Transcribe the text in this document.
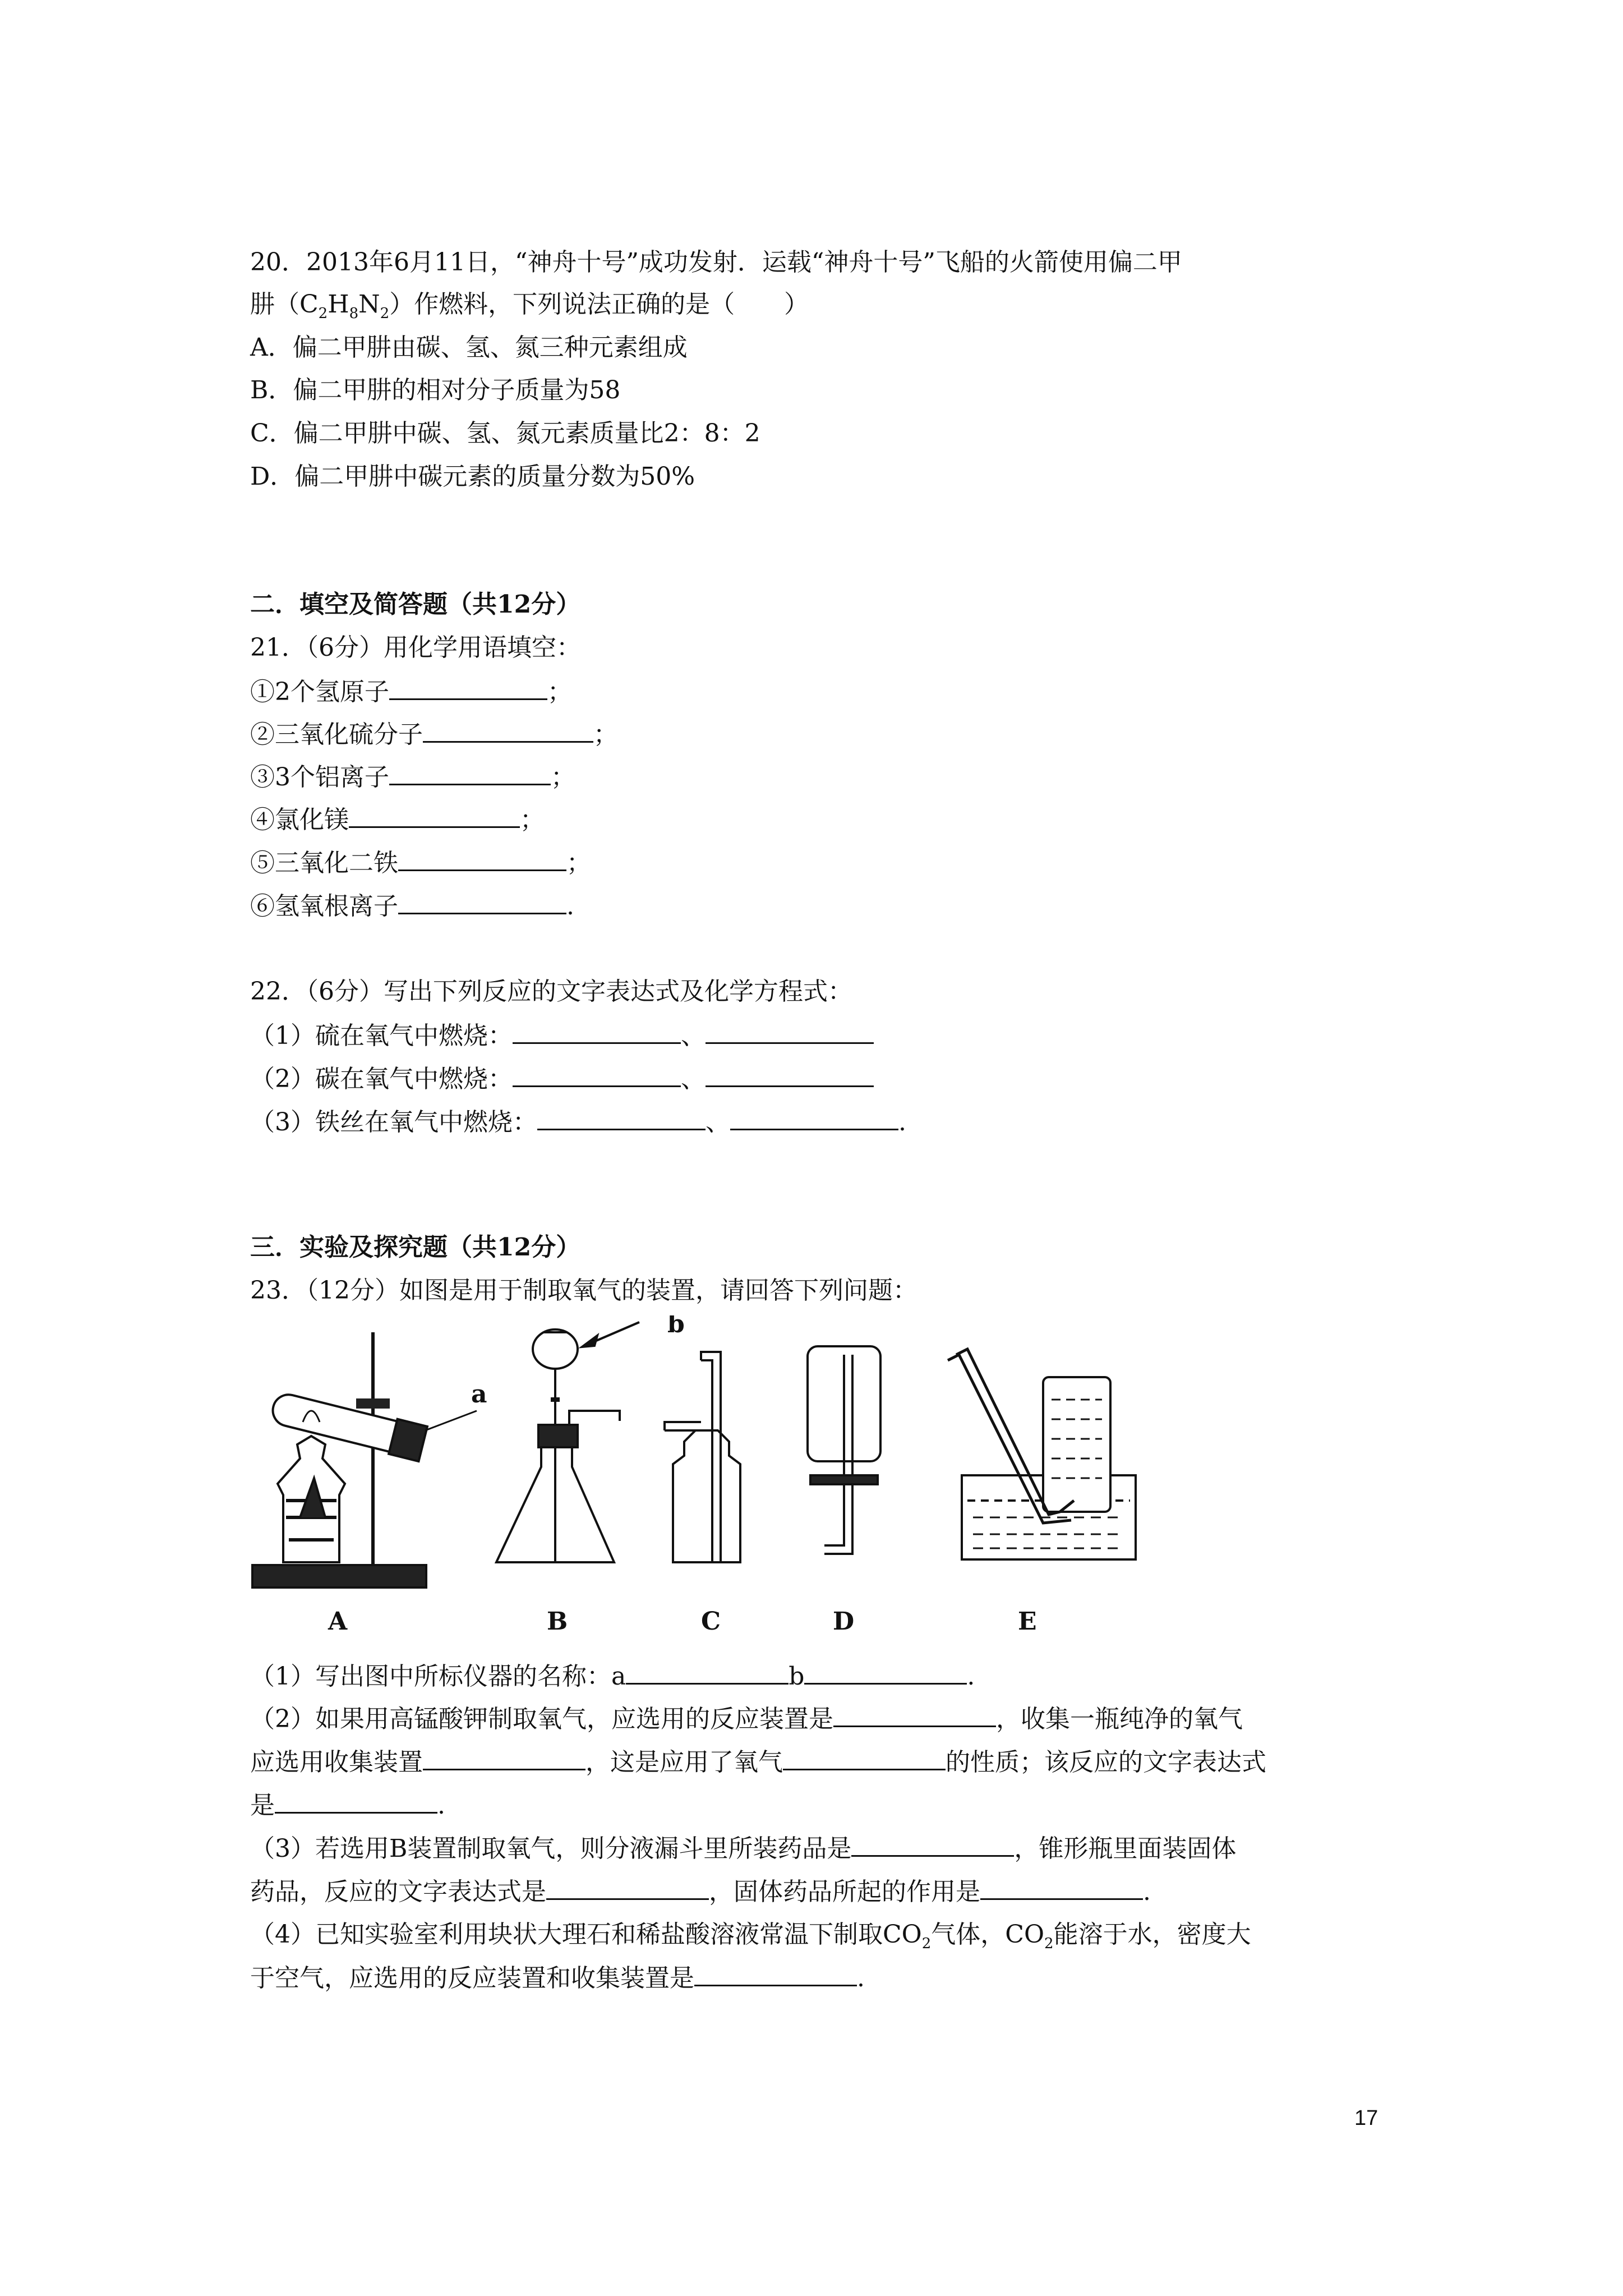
20．2013年6月11日，“神舟十号”成功发射．运载“神舟十号”飞船的火箭使用偏二甲
肼$(C_2H_8N_2)$作燃料，下列说法正确的是（　　）
A．偏二甲肼由碳、氢、氮三种元素组成
B．偏二甲肼的相对分子质量为58
C．偏二甲肼中碳、氢、氮元素质量比2：8：2
D．偏二甲肼中碳元素的质量分数为50%
二．填空及简答题（共12分）
21．（6分）用化学用语填空：
①2个氢原子	；
②三氧化硫分子	；
③3个铝离子	；
④氯化镁	；
⑤三氧化二铁	；
⑥氢氧根离子	.
22．（6分）写出下列反应的文字表达式及化学方程式：
（1）硫在氧气中燃烧：	、
（2）碳在氧气中燃烧：	、
（3）铁丝在氧气中燃烧：	、	.
三．实验及探究题（共12分）
23．（12分）如图是用于制取氧气的装置，请回答下列问题：
a
A
b
B	C	D	E
（1）写出图中所标仪器的名称：a	b	.
（2）如果用高锰酸钾制取氧气，应选用的反应装置是	，收集一瓶纯净的氧气
应选用收集装置	，这是应用了氧气	的性质；该反应的文字表达式
是	.
（3）若选用B装置制取氧气，则分液漏斗里所装药品是	，锥形瓶里面装固体
药品，反应的文字表达式是	，固体药品所起的作用是	.
（4）已知实验室利用块状大理石和稀盐酸溶液常温下制取$CO_2$气体，$CO_2$能溶于水，密度大
于空气，应选用的反应装置和收集装置是	.
17
